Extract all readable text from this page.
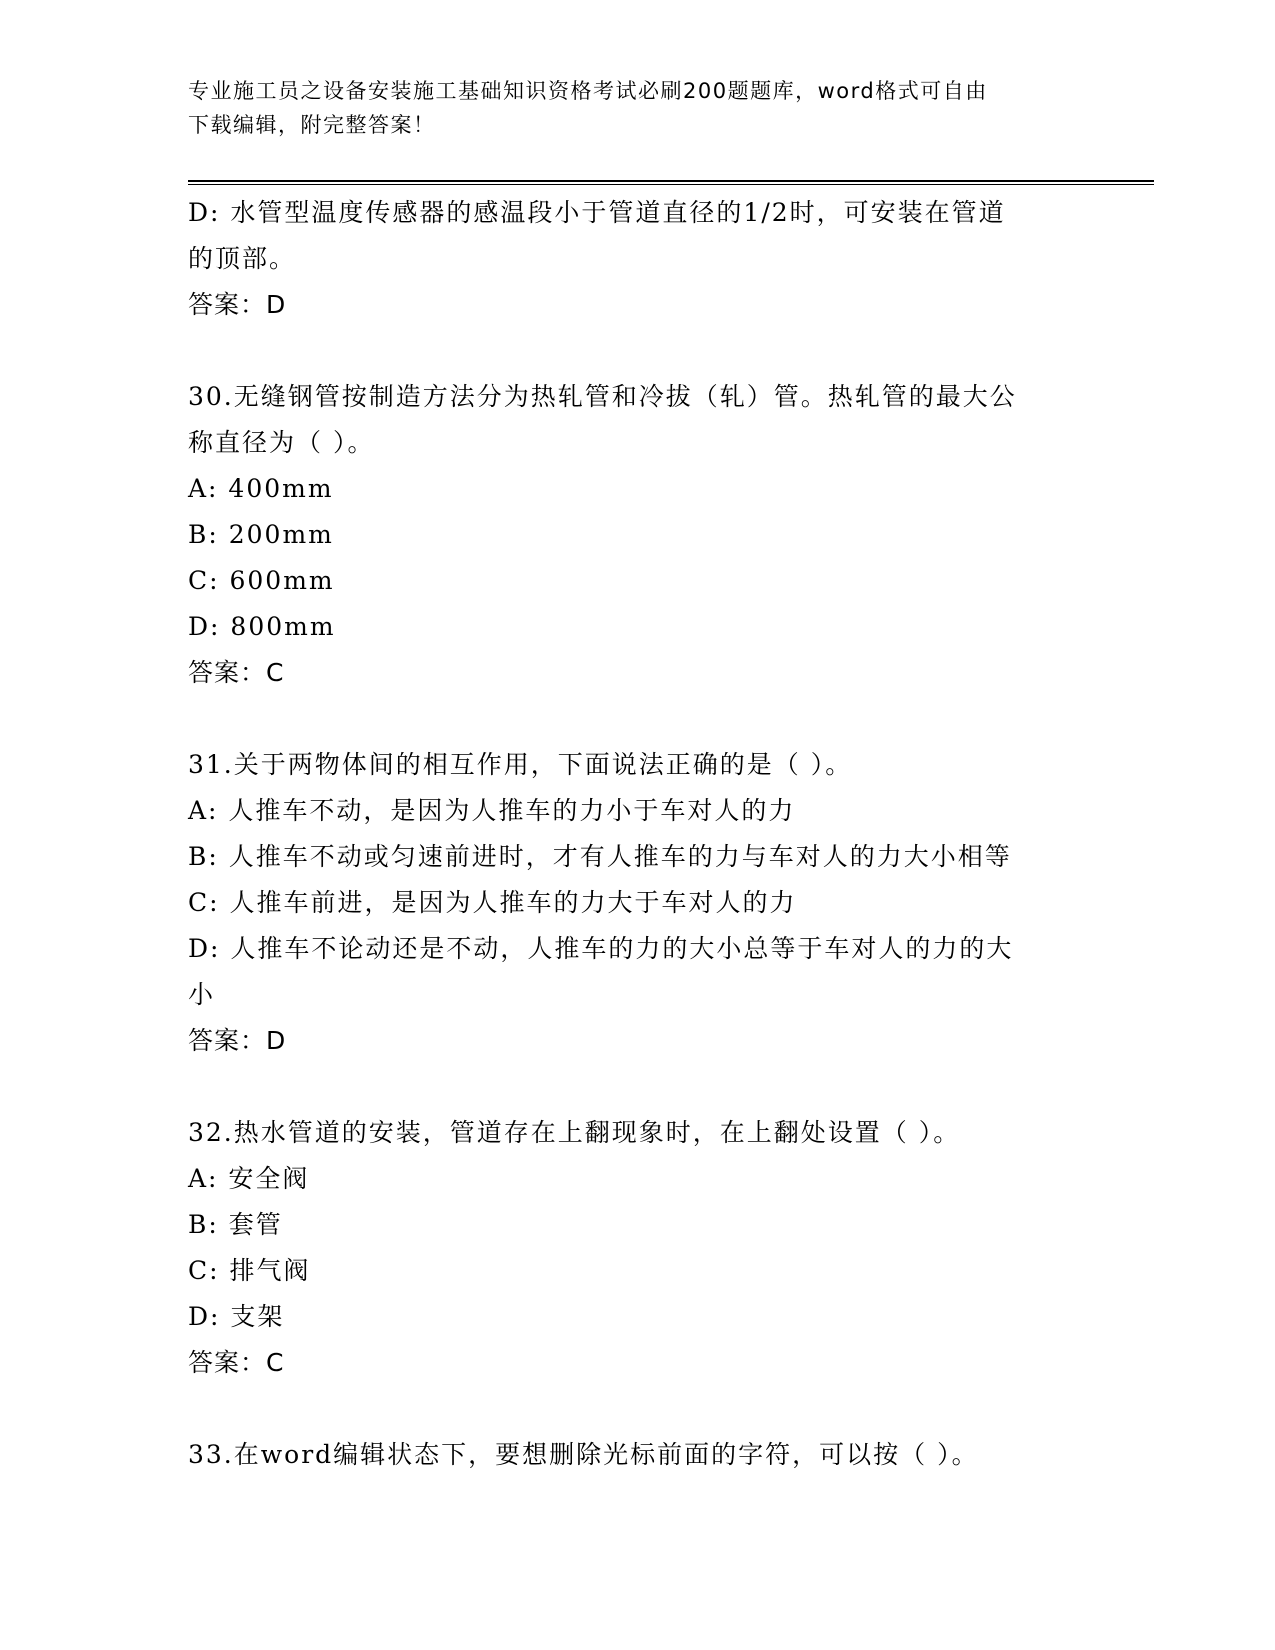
专业施工员之设备安装施工基础知识资格考试必刷200题题库，word格式可自由
下载编辑，附完整答案！
D: 水管型温度传感器的感温段小于管道直径的1/2时，可安装在管道
的顶部。
答案：D
30.无缝钢管按制造方法分为热轧管和冷拔（轧）管。热轧管的最大公
称直径为（ ）。
A: 400mm
B: 200mm
C: 600mm
D: 800mm
答案：C
31.关于两物体间的相互作用，下面说法正确的是（ ）。
A: 人推车不动，是因为人推车的力小于车对人的力
B: 人推车不动或匀速前进时，才有人推车的力与车对人的力大小相等
C: 人推车前进，是因为人推车的力大于车对人的力
D: 人推车不论动还是不动，人推车的力的大小总等于车对人的力的大
小
答案：D
32.热水管道的安装，管道存在上翻现象时，在上翻处设置（ ）。
A: 安全阀
B: 套管
C: 排气阀
D: 支架
答案：C
33.在word编辑状态下，要想删除光标前面的字符，可以按（ ）。
